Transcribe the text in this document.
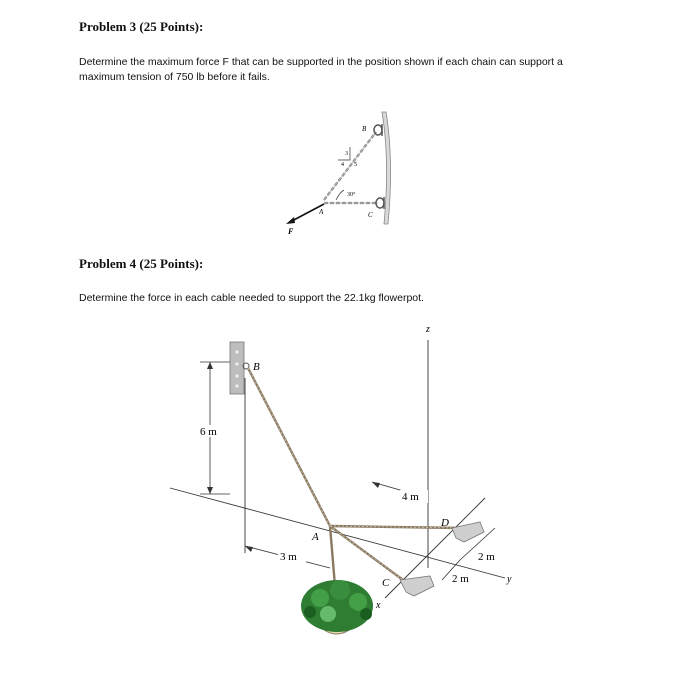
Problem 3 (25 Points):
Determine the maximum force F that can be supported in the position shown if each chain can support a
maximum tension of 750 lb before it fails.
3
4 5
30°
F
B
A	C
Problem 4 (25 Points):
Determine the force in each cable needed to support the 22.1kg flowerpot.
z
y
x
B
6 m
A
D
C
4 m
3 m	2 m
2 m
